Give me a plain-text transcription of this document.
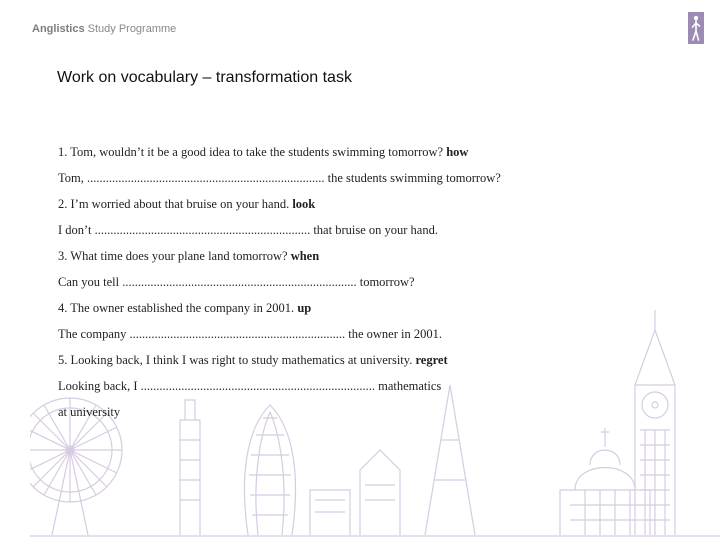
Anglistics Study Programme
Work on vocabulary – transformation task
1. Tom, wouldn’t it be a good idea to take the students swimming tomorrow? how
Tom, ............................................................................ the students swimming tomorrow?
2. I’m worried about that bruise on your hand. look
I don’t ..................................................................... that bruise on your hand.
3. What time does your plane land tomorrow? when
Can you tell ........................................................................... tomorrow?
4. The owner established the company in 2001. up
The company ..................................................................... the owner in 2001.
5. Looking back, I think I was right to study mathematics at university. regret
Looking back, I ........................................................................... mathematics
at university
